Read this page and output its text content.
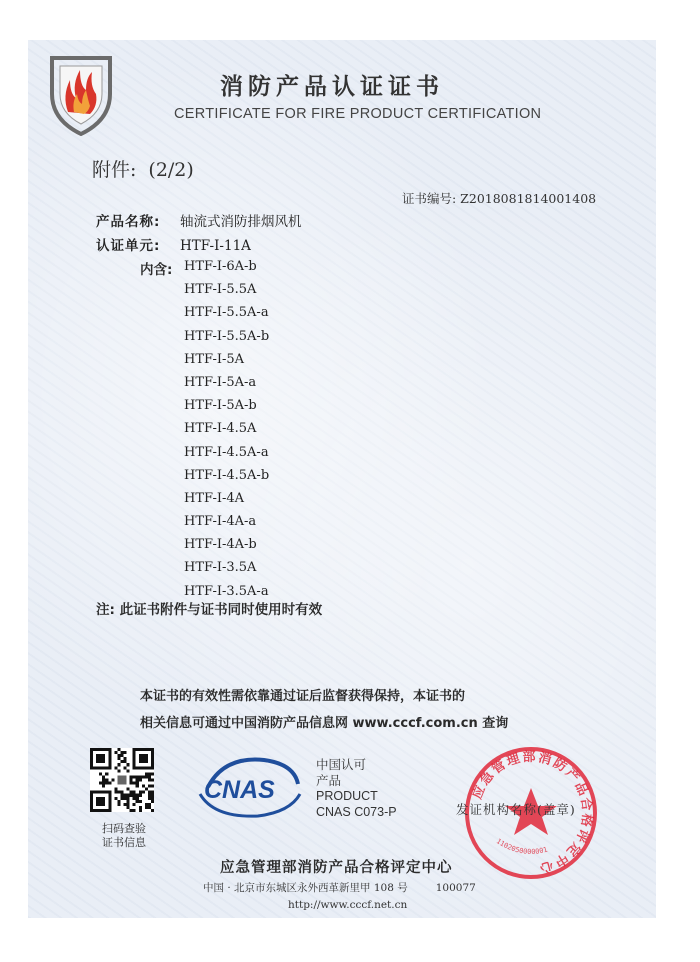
消防产品认证证书
CERTIFICATE FOR FIRE PRODUCT CERTIFICATION
附件: (2/2)
证书编号: Z2018081814001408
产品名称: 轴流式消防排烟风机
认证单元: HTF-I-11A
内含: HTF-I-6A-b
HTF-I-5.5A
HTF-I-5.5A-a
HTF-I-5.5A-b
HTF-I-5A
HTF-I-5A-a
HTF-I-5A-b
HTF-I-4.5A
HTF-I-4.5A-a
HTF-I-4.5A-b
HTF-I-4A
HTF-I-4A-a
HTF-I-4A-b
HTF-I-3.5A
HTF-I-3.5A-a
注: 此证书附件与证书同时使用时有效
本证书的有效性需依靠通过证后监督获得保持，本证书的
相关信息可通过中国消防产品信息网 www.cccf.com.cn 查询
扫码查验
证书信息
CNAS
中国认可
产品
PRODUCT
CNAS C073-P
应急管理部消防产品合格评定中心
1102050000001
发证机构名称(盖章)
应急管理部消防产品合格评定中心
中国 · 北京市东城区永外西革新里甲 108 号	100077
http://www.cccf.net.cn
